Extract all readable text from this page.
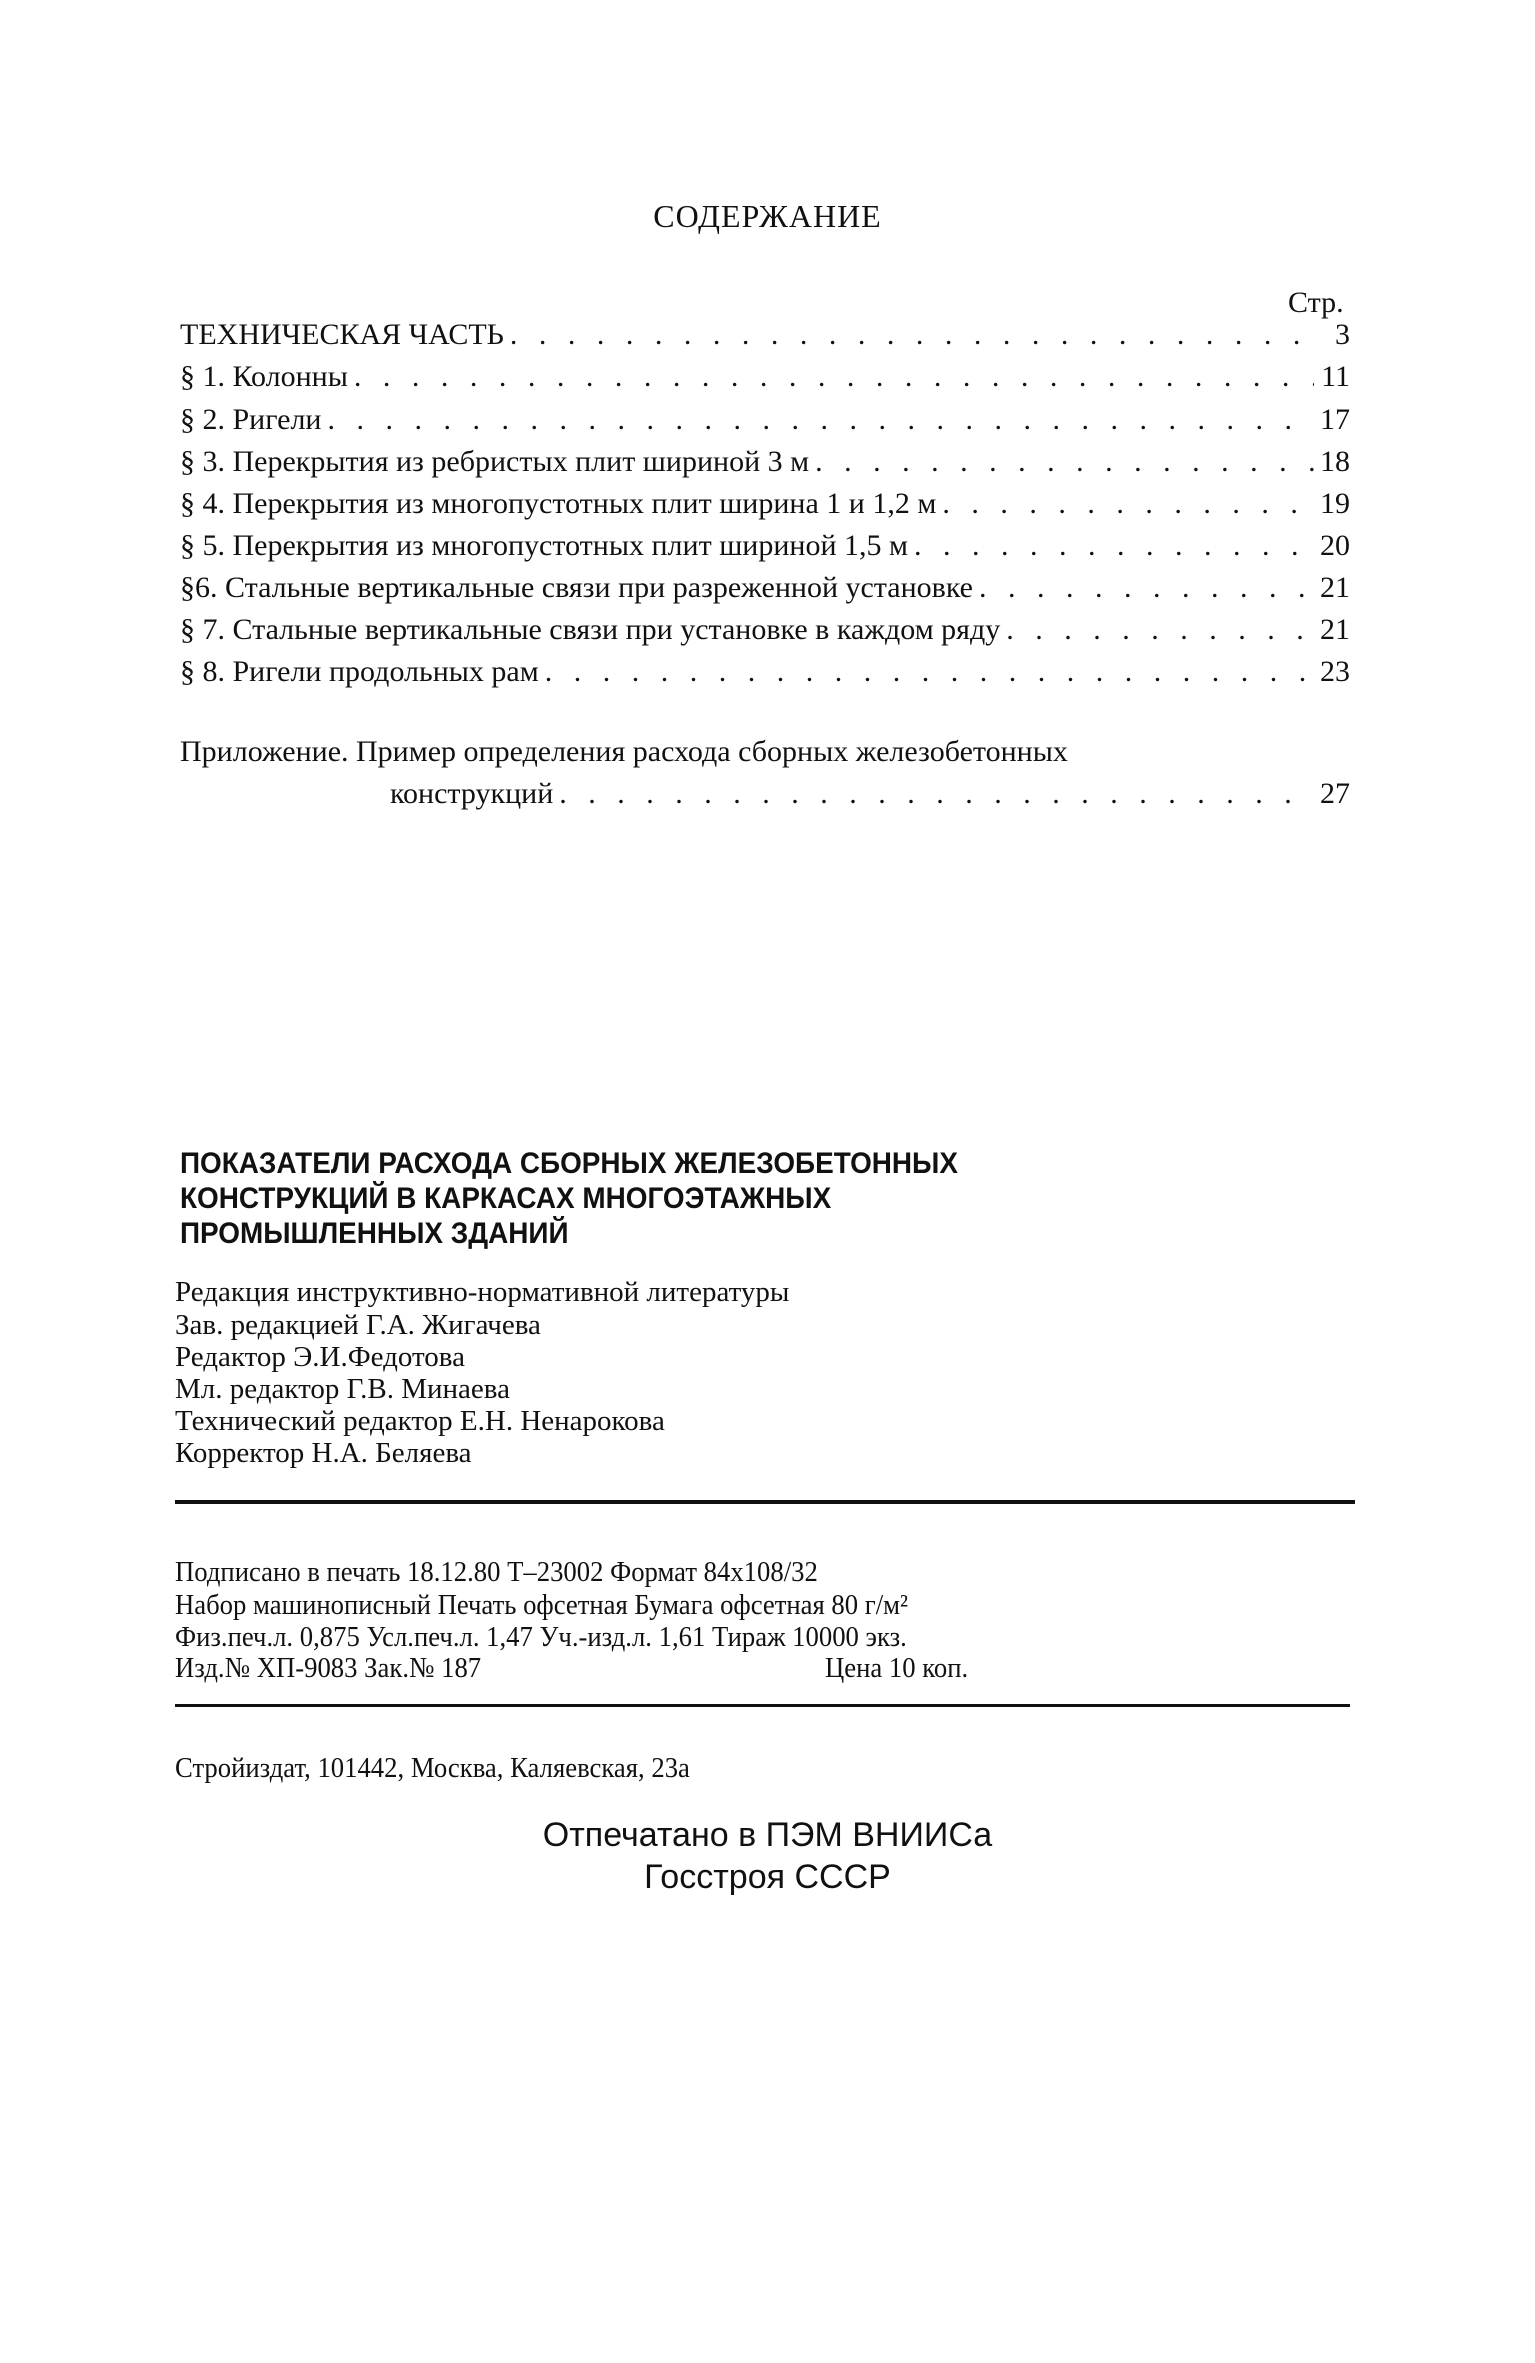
СОДЕРЖАНИЕ
Стр.
ТЕХНИЧЕСКАЯ ЧАСТЬ . . .	3
§ 1. Колонны . . .	11
§ 2. Ригели . . .	17
§ 3. Перекрытия из ребристых плит шириной 3 м . . .	18
§ 4. Перекрытия из многопустотных плит ширина 1 и 1,2 м . . .	19
§ 5. Перекрытия из многопустотных плит шириной 1,5 м . . .	20
§6. Стальные вертикальные связи при разреженной установке . . .	21
§ 7. Стальные вертикальные связи при установке в каждом ряду . . .	21
§ 8. Ригели продольных рам . . .	23
Приложение. Пример определения расхода сборных железобетонных
конструкций . . .	27
ПОКАЗАТЕЛИ РАСХОДА СБОРНЫХ ЖЕЛЕЗОБЕТОННЫХ
КОНСТРУКЦИЙ В КАРКАСАХ МНОГОЭТАЖНЫХ
ПРОМЫШЛЕННЫХ ЗДАНИЙ
Редакция инструктивно-нормативной литературы
Зав. редакцией Г.А. Жигачева
Редактор Э.И.Федотова
Мл. редактор Г.В. Минаева
Технический редактор Е.Н. Ненарокова
Корректор Н.А. Беляева
Подписано в печать 18.12.80 Т–23002 Формат 84х108/32
Набор машинописный Печать офсетная Бумага офсетная 80 г/м²
Физ.печ.л. 0,875 Усл.печ.л. 1,47 Уч.-изд.л. 1,61 Тираж 10000 экз.
Изд.№ ХП-9083 Зак.№ 187	Цена 10 коп.
Стройиздат, 101442, Москва, Каляевская, 23а
Отпечатано в ПЭМ ВНИИСа
Госстроя СССР
